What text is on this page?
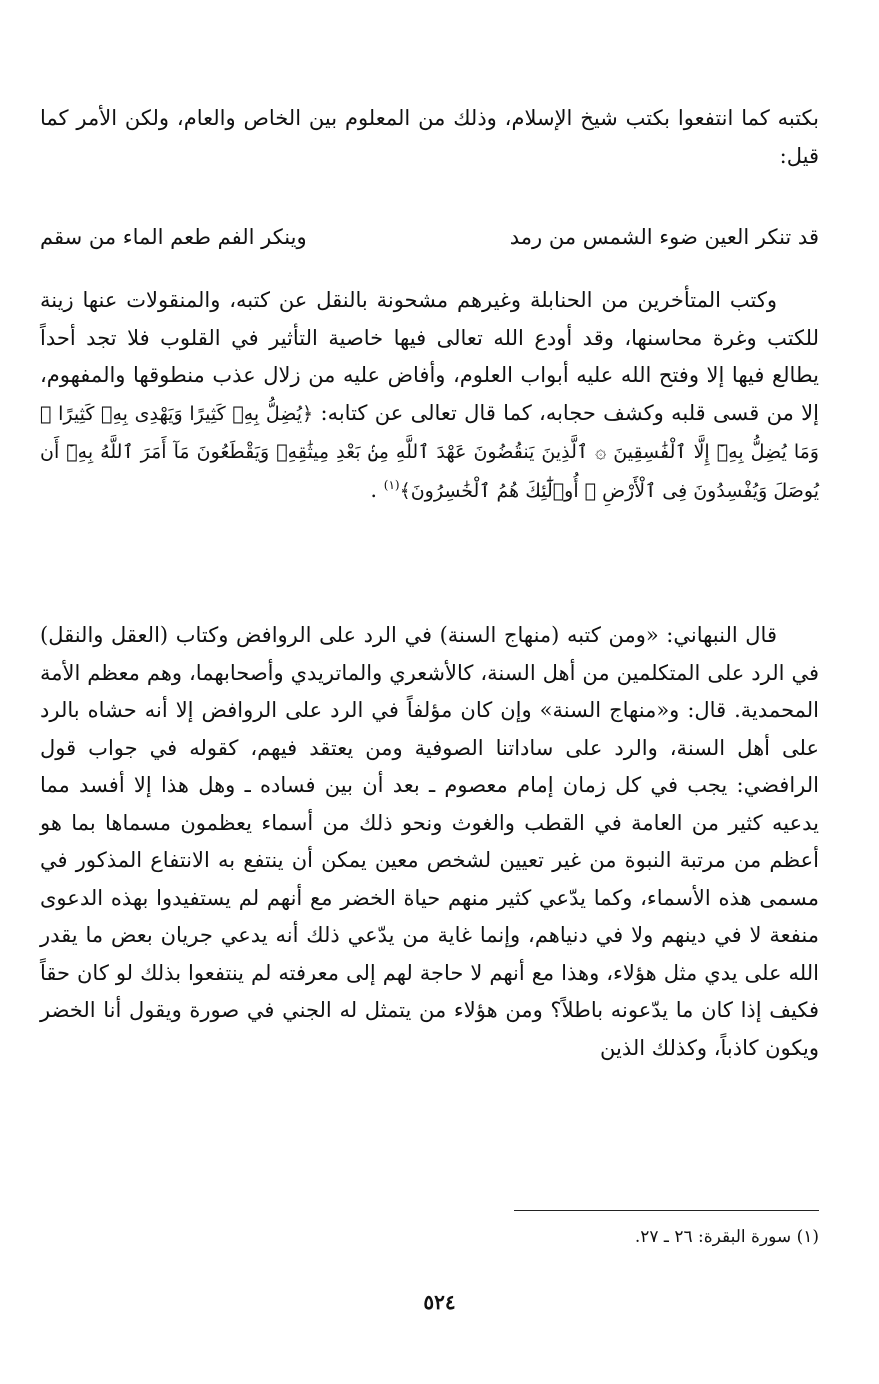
بكتبه كما انتفعوا بكتب شيخ الإسلام، وذلك من المعلوم بين الخاص والعام، ولكن الأمر كما قيل:
قد تنكر العين ضوء الشمس من رمد
وينكر الفم طعم الماء من سقم
وكتب المتأخرين من الحنابلة وغيرهم مشحونة بالنقل عن كتبه، والمنقولات عنها زينة للكتب وغرة محاسنها، وقد أودع الله تعالى فيها خاصية التأثير في القلوب فلا تجد أحداً يطالع فيها إلا وفتح الله عليه أبواب العلوم، وأفاض عليه من زلال عذب منطوقها والمفهوم، إلا من قسى قلبه وكشف حجابه، كما قال تعالى عن كتابه: ﴿يُضِلُّ بِهِۦ كَثِيرًا وَيَهْدِى بِهِۦ كَثِيرًا ۚ وَمَا يُضِلُّ بِهِۦٓ إِلَّا ٱلْفَٰسِقِينَ ۞ ٱلَّذِينَ يَنقُضُونَ عَهْدَ ٱللَّهِ مِنۢ بَعْدِ مِيثَٰقِهِۦ وَيَقْطَعُونَ مَآ أَمَرَ ٱللَّهُ بِهِۦٓ أَن يُوصَلَ وَيُفْسِدُونَ فِى ٱلْأَرْضِ ۚ أُو۟لَٰٓئِكَ هُمُ ٱلْخَٰسِرُونَ﴾$^{(١)}$ .
قال النبهاني: «ومن كتبه (منهاج السنة) في الرد على الروافض وكتاب (العقل والنقل) في الرد على المتكلمين من أهل السنة، كالأشعري والماتريدي وأصحابهما، وهم معظم الأمة المحمدية. قال: و«منهاج السنة» وإن كان مؤلفاً في الرد على الروافض إلا أنه حشاه بالرد على أهل السنة، والرد على ساداتنا الصوفية ومن يعتقد فيهم، كقوله في جواب قول الرافضي: يجب في كل زمان إمام معصوم ـ بعد أن بين فساده ـ وهل هذا إلا أفسد مما يدعيه كثير من العامة في القطب والغوث ونحو ذلك من أسماء يعظمون مسماها بما هو أعظم من مرتبة النبوة من غير تعيين لشخص معين يمكن أن ينتفع به الانتفاع المذكور في مسمى هذه الأسماء، وكما يدّعي كثير منهم حياة الخضر مع أنهم لم يستفيدوا بهذه الدعوى منفعة لا في دينهم ولا في دنياهم، وإنما غاية من يدّعي ذلك أنه يدعي جريان بعض ما يقدر الله على يدي مثل هؤلاء، وهذا مع أنهم لا حاجة لهم إلى معرفته لم ينتفعوا بذلك لو كان حقاً فكيف إذا كان ما يدّعونه باطلاً؟ ومن هؤلاء من يتمثل له الجني في صورة ويقول أنا الخضر ويكون كاذباً، وكذلك الذين
(١) سورة البقرة: ٢٦ ـ ٢٧.
٥٢٤
